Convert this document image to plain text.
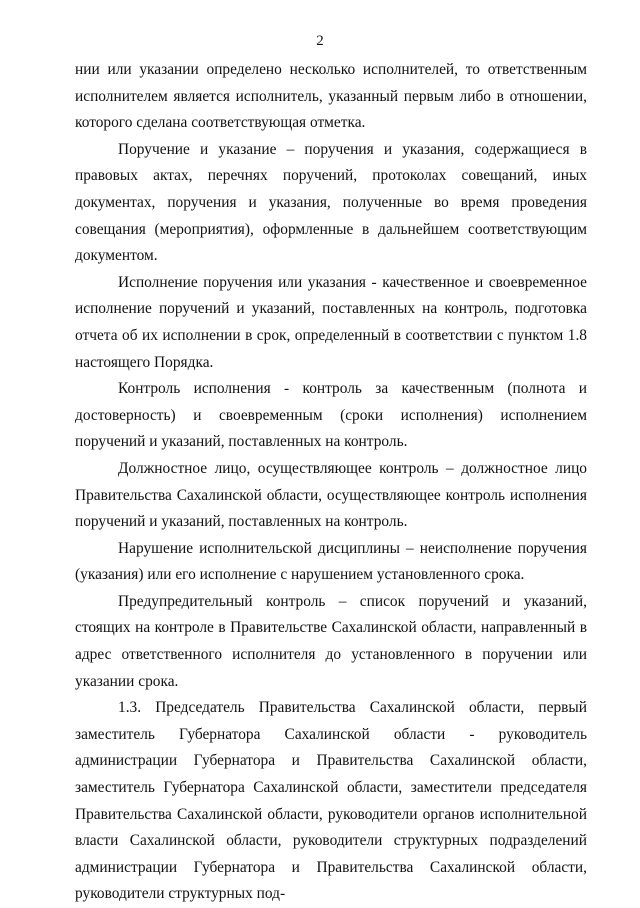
2

нии или указании определено несколько исполнителей, то ответственным исполнителем является исполнитель, указанный первым либо в отношении, которого сделана соответствующая отметка.

Поручение и указание – поручения и указания, содержащиеся в правовых актах, перечнях поручений, протоколах совещаний, иных документах, поручения и указания, полученные во время проведения совещания (мероприятия), оформленные в дальнейшем соответствующим документом.

Исполнение поручения или указания - качественное и своевременное исполнение поручений и указаний, поставленных на контроль, подготовка отчета об их исполнении в срок, определенный в соответствии с пунктом 1.8 настоящего Порядка.

Контроль исполнения - контроль за качественным (полнота и достоверность) и своевременным (сроки исполнения) исполнением поручений и указаний, поставленных на контроль.

Должностное лицо, осуществляющее контроль – должностное лицо Правительства Сахалинской области, осуществляющее контроль исполнения поручений и указаний, поставленных на контроль.

Нарушение исполнительской дисциплины – неисполнение поручения (указания) или его исполнение с нарушением установленного срока.

Предупредительный контроль – список поручений и указаний, стоящих на контроле в Правительстве Сахалинской области, направленный в адрес ответственного исполнителя до установленного в поручении или указании срока.

1.3. Председатель Правительства Сахалинской области, первый заместитель Губернатора Сахалинской области - руководитель администрации Губернатора и Правительства Сахалинской области, заместитель Губернатора Сахалинской области, заместители председателя Правительства Сахалинской области, руководители органов исполнительной власти Сахалинской области, руководители структурных подразделений администрации Губернатора и Правительства Сахалинской области, руководители структурных под-
